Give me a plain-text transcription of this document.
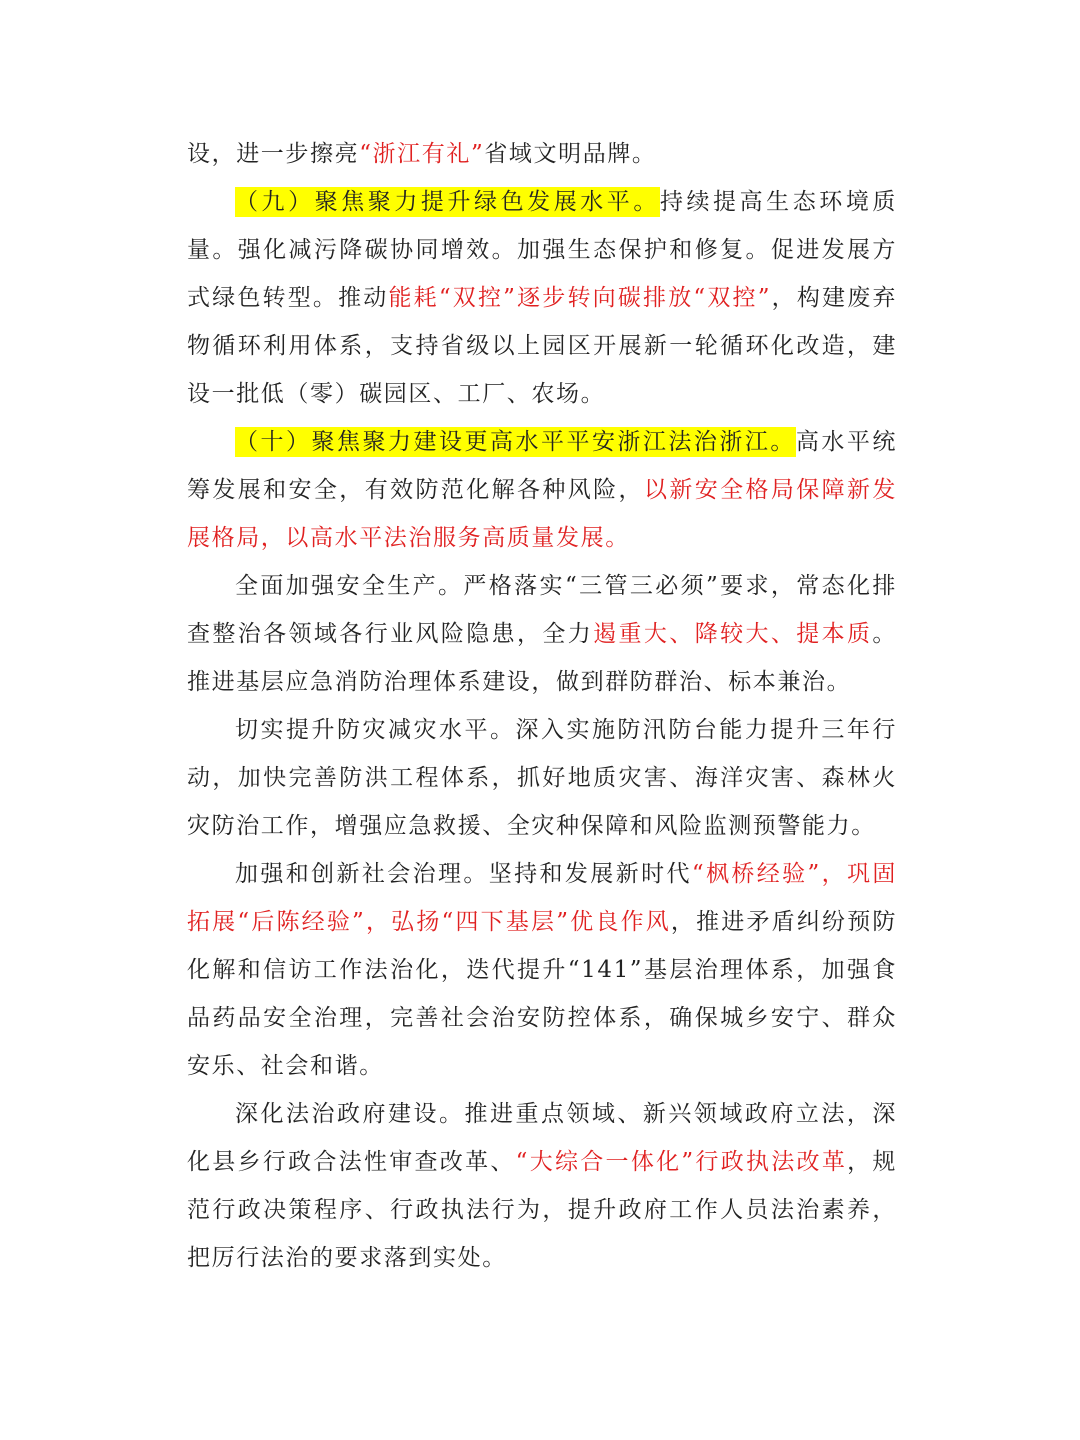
设，进一步擦亮“浙江有礼”省域文明品牌。

（九）聚焦聚力提升绿色发展水平。持续提高生态环境质量。强化减污降碳协同增效。加强生态保护和修复。促进发展方式绿色转型。推动能耗“双控”逐步转向碳排放“双控”，构建废弃物循环利用体系，支持省级以上园区开展新一轮循环化改造，建设一批低（零）碳园区、工厂、农场。

（十）聚焦聚力建设更高水平平安浙江法治浙江。高水平统筹发展和安全，有效防范化解各种风险，以新安全格局保障新发展格局，以高水平法治服务高质量发展。

全面加强安全生产。严格落实“三管三必须”要求，常态化排查整治各领域各行业风险隐患，全力遏重大、降较大、提本质。推进基层应急消防治理体系建设，做到群防群治、标本兼治。

切实提升防灾减灾水平。深入实施防汛防台能力提升三年行动，加快完善防洪工程体系，抓好地质灾害、海洋灾害、森林火灾防治工作，增强应急救援、全灾种保障和风险监测预警能力。

加强和创新社会治理。坚持和发展新时代“枫桥经验”，巩固拓展“后陈经验”，弘扬“四下基层”优良作风，推进矛盾纠纷预防化解和信访工作法治化，迭代提升“141”基层治理体系，加强食品药品安全治理，完善社会治安防控体系，确保城乡安宁、群众安乐、社会和谐。

深化法治政府建设。推进重点领域、新兴领域政府立法，深化县乡行政合法性审查改革、“大综合一体化”行政执法改革，规范行政决策程序、行政执法行为，提升政府工作人员法治素养，把厉行法治的要求落到实处。
